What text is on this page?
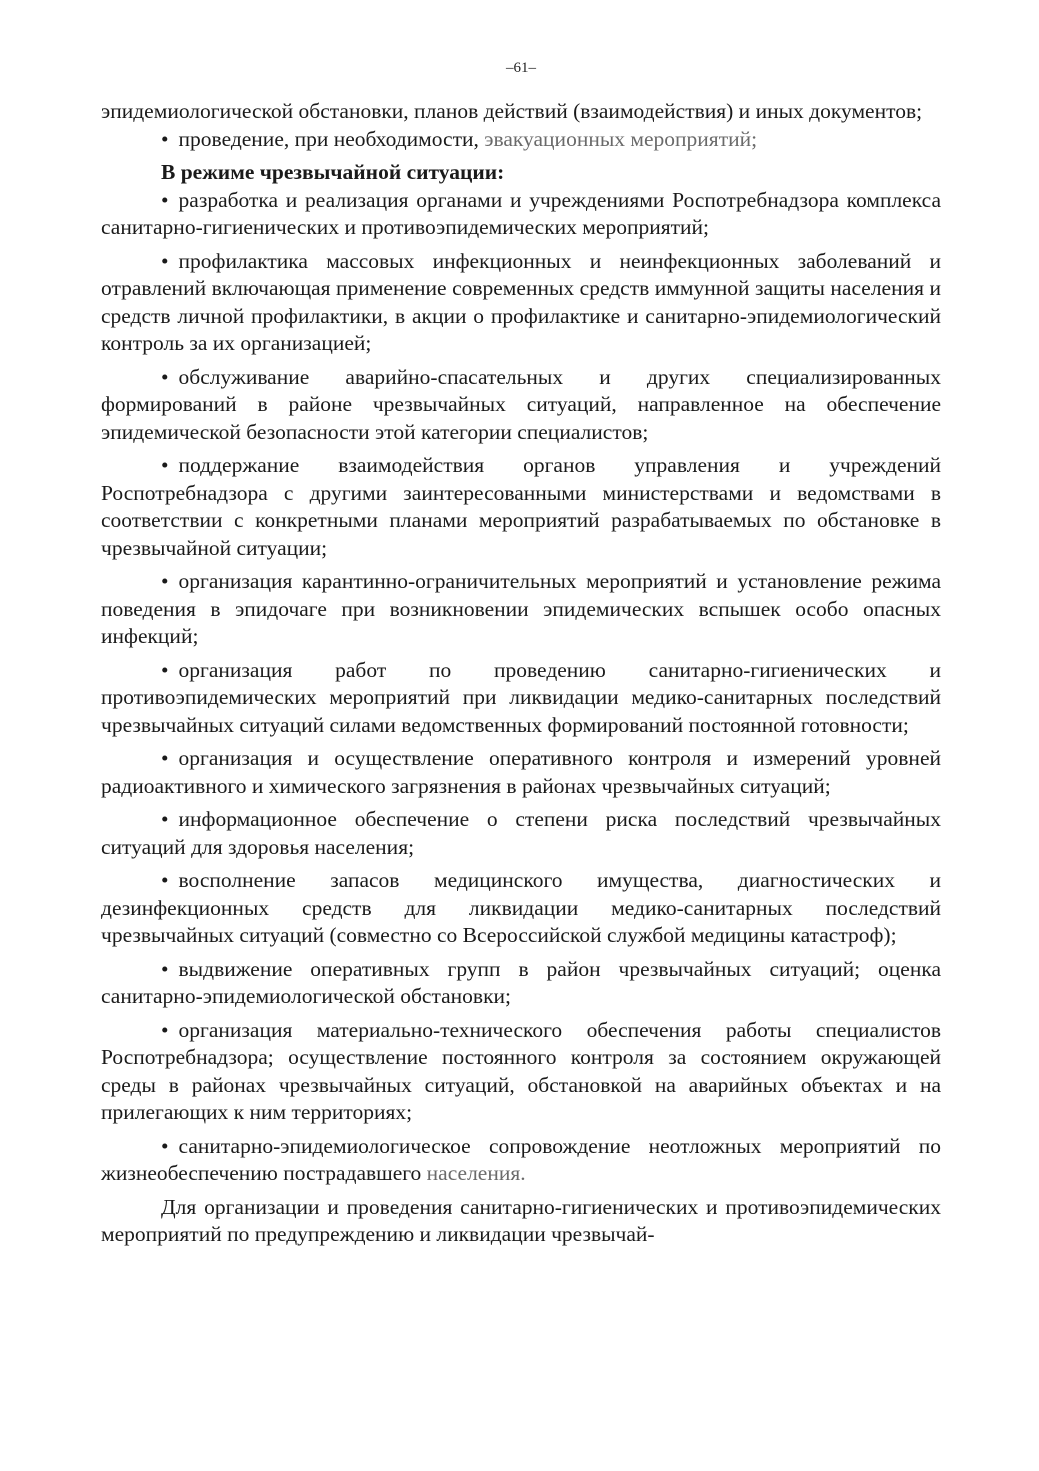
–61–

эпидемиологической обстановки, планов действий (взаимодействия) и иных документов;

• проведение, при необходимости, эвакуационных мероприятий;

В режиме чрезвычайной ситуации:

• разработка и реализация органами и учреждениями Роспотребнадзора комплекса санитарно-гигиенических и противоэпидемических мероприятий;

• профилактика массовых инфекционных и неинфекционных заболеваний и отравлений включающая применение современных средств иммунной защиты населения и средств личной профилактики, в акции о профилактике и санитарно-эпидемиологический контроль за их организацией;

• обслуживание аварийно-спасательных и других специализированных формирований в районе чрезвычайных ситуаций, направленное на обеспечение эпидемической безопасности этой категории специалистов;

• поддержание взаимодействия органов управления и учреждений Роспотребнадзора с другими заинтересованными министерствами и ведомствами в соответствии с конкретными планами мероприятий разрабатываемых по обстановке в чрезвычайной ситуации;

• организация карантинно-ограничительных мероприятий и установление режима поведения в эпидочаге при возникновении эпидемических вспышек особо опасных инфекций;

• организация работ по проведению санитарно-гигиенических и противоэпидемических мероприятий при ликвидации медико-санитарных последствий чрезвычайных ситуаций силами ведомственных формирований постоянной готовности;

• организация и осуществление оперативного контроля и измерений уровней радиоактивного и химического загрязнения в районах чрезвычайных ситуаций;

• информационное обеспечение о степени риска последствий чрезвычайных ситуаций для здоровья населения;

• восполнение запасов медицинского имущества, диагностических и дезинфекционных средств для ликвидации медико-санитарных последствий чрезвычайных ситуаций (совместно со Всероссийской службой медицины катастроф);

• выдвижение оперативных групп в район чрезвычайных ситуаций; оценка санитарно-эпидемиологической обстановки;

• организация материально-технического обеспечения работы специалистов Роспотребнадзора; осуществление постоянного контроля за состоянием окружающей среды в районах чрезвычайных ситуаций, обстановкой на аварийных объектах и на прилегающих к ним территориях;

• санитарно-эпидемиологическое сопровождение неотложных мероприятий по жизнеобеспечению пострадавшего населения.

Для организации и проведения санитарно-гигиенических и противоэпидемических мероприятий по предупреждению и ликвидации чрезвычай-
